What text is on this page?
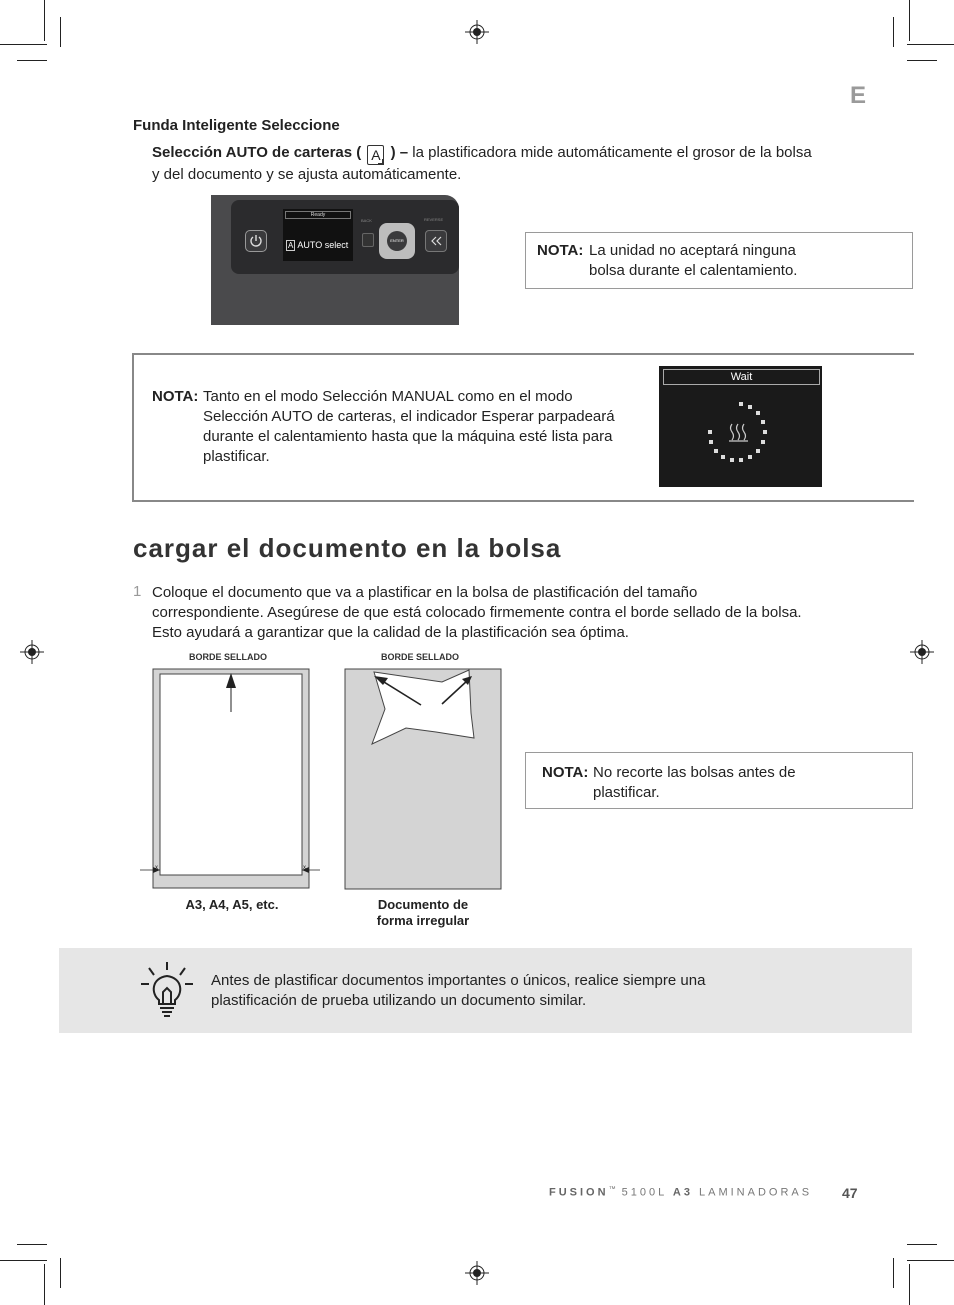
E
Funda Inteligente Seleccione
Selección AUTO de carteras ( A ) – la plastificadora mide automáticamente el grosor de la bolsa y del documento y se ajusta automáticamente.
Ready
A AUTO select
BACK
ENTER
REVERSE
NOTA: La unidad no aceptará ninguna bolsa durante el calentamiento.
NOTA: Tanto en el modo Selección MANUAL como en el modo Selección AUTO de carteras, el indicador Esperar parpadeará durante el calentamiento hasta que la máquina esté lista para plastificar.
Wait
cargar el documento en la bolsa
1 Coloque el documento que va a plastificar en la bolsa de plastificación del tamaño correspondiente. Asegúrese de que está colocado firmemente contra el borde sellado de la bolsa. Esto ayudará a garantizar que la calidad de la plastificación sea óptima.
BORDE SELLADO
x	x
A3, A4, A5, etc.
BORDE SELLADO
Documento de
forma irregular
NOTA: No recorte las bolsas antes de plastificar.
Antes de plastificar documentos importantes o únicos, realice siempre una plastificación de prueba utilizando un documento similar.
FUSION™ 5100L A3 LAMINADORAS 47
